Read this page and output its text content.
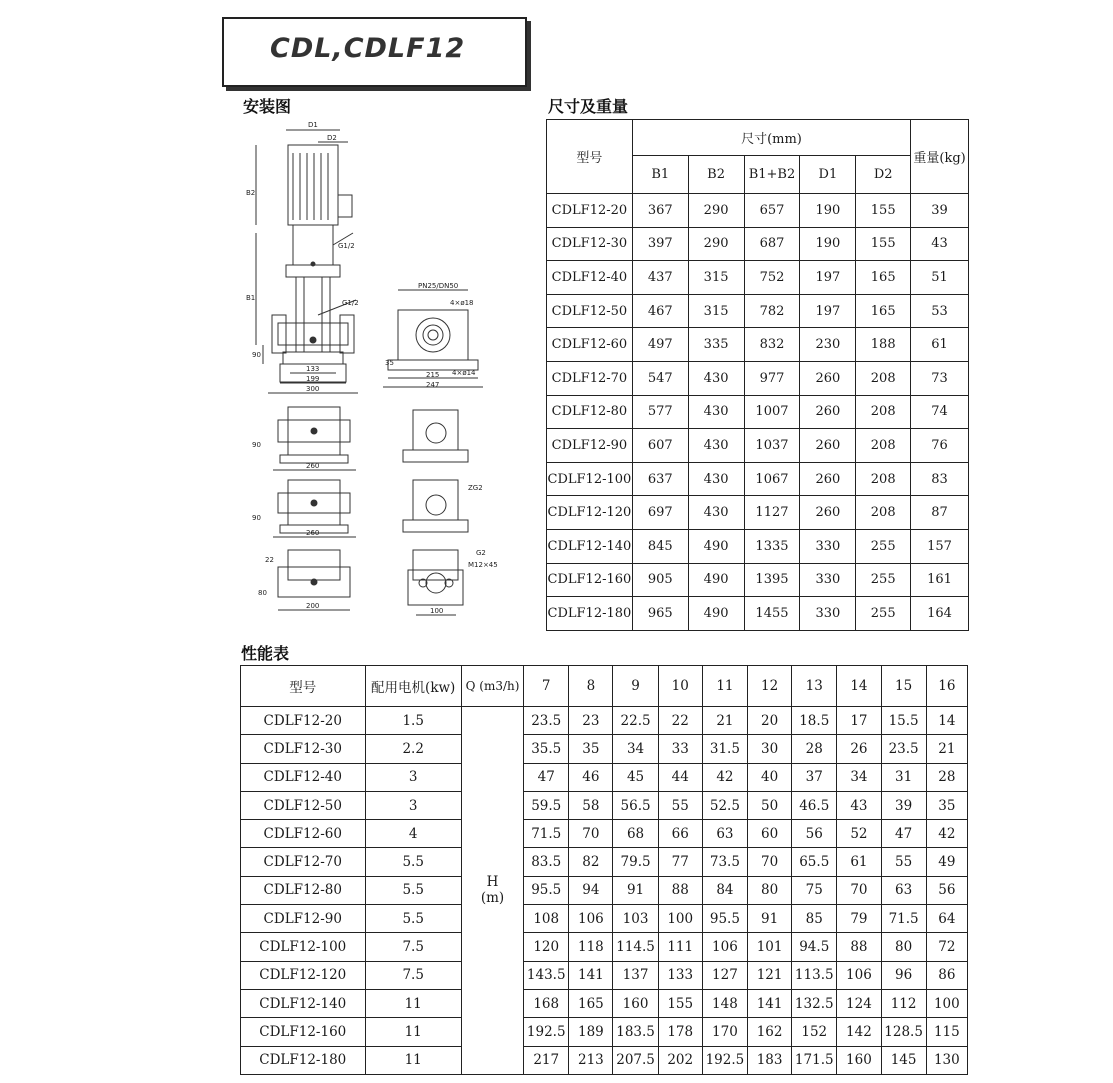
CDL,CDLF12
安装图	尺寸及重量
性能表
D1
D2
B2
B1
G1/2
G1/2
90
133
199
300
PN25/DN50
4×ø18
4×ø14
215
247
35
90
260
90
260
ZG2
22
80
200
G2
M12×45
100
型号	尺寸(mm)					重量(kg)
	B1	B2	B1+B2	D1	D2	
CDLF12-20	367	290	657	190	155	39
CDLF12-30	397	290	687	190	155	43
CDLF12-40	437	315	752	197	165	51
CDLF12-50	467	315	782	197	165	53
CDLF12-60	497	335	832	230	188	61
CDLF12-70	547	430	977	260	208	73
CDLF12-80	577	430	1007	260	208	74
CDLF12-90	607	430	1037	260	208	76
CDLF12-100	637	430	1067	260	208	83
CDLF12-120	697	430	1127	260	208	87
CDLF12-140	845	490	1335	330	255	157
CDLF12-160	905	490	1395	330	255	161
CDLF12-180	965	490	1455	330	255	164
型号	配用电机(kw)	Q (m3/h)	7	8	9	10	11	12	13	14	15	16
CDLF12-20	1.5	H (m)	23.5	23	22.5	22	21	20	18.5	17	15.5	14
CDLF12-30	2.2		35.5	35	34	33	31.5	30	28	26	23.5	21
CDLF12-40	3		47	46	45	44	42	40	37	34	31	28
CDLF12-50	3		59.5	58	56.5	55	52.5	50	46.5	43	39	35
CDLF12-60	4		71.5	70	68	66	63	60	56	52	47	42
CDLF12-70	5.5		83.5	82	79.5	77	73.5	70	65.5	61	55	49
CDLF12-80	5.5		95.5	94	91	88	84	80	75	70	63	56
CDLF12-90	5.5		108	106	103	100	95.5	91	85	79	71.5	64
CDLF12-100	7.5		120	118	114.5	111	106	101	94.5	88	80	72
CDLF12-120	7.5		143.5	141	137	133	127	121	113.5	106	96	86
CDLF12-140	11		168	165	160	155	148	141	132.5	124	112	100
CDLF12-160	11		192.5	189	183.5	178	170	162	152	142	128.5	115
CDLF12-180	11		217	213	207.5	202	192.5	183	171.5	160	145	130
